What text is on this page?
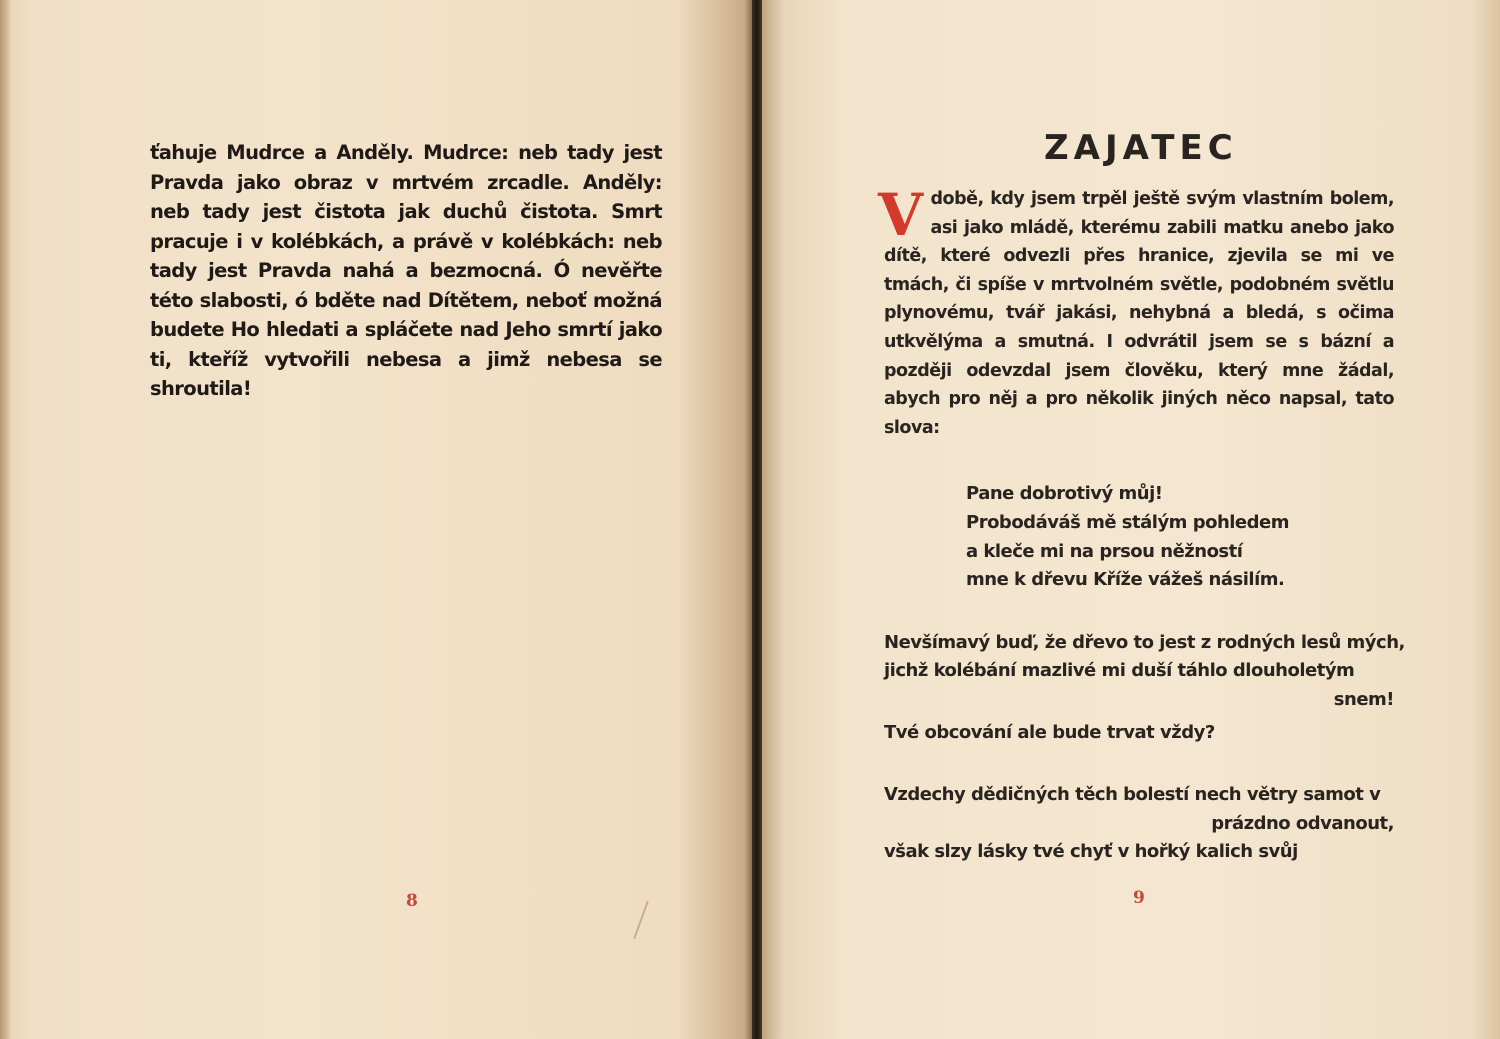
ťahuje Mudrce a Anděly. Mudrce: neb tady jest Pravda jako obraz v mrtvém zrcadle. Anděly: neb tady jest čistota jak duchů čistota. Smrt pracuje i v kolébkách, a právě v kolébkách: neb tady jest Pravda nahá a bezmocná. Ó nevěřte této slabosti, ó bděte nad Dítětem, neboť možná budete Ho hledati a spláčete nad Jeho smrtí jako ti, kteříž vytvořili nebesa a jimž nebesa se shroutila!

8
ZAJATEC

Vdobě, kdy jsem trpěl ještě svým vlastním bolem, asi jako mládě, kterému zabili matku anebo jako dítě, které odvezli přes hranice, zjevila se mi ve tmách, či spíše v mrtvolném světle, podobném světlu plynovému, tvář jakási, nehybná a bledá, s očima utkvělýma a smutná. I odvrátil jsem se s bázní a později odevzdal jsem člověku, který mne žádal, abych pro něj a pro několik jiných něco napsal, tato slova:

Pane dobrotivý můj!
Probodáváš mě stálým pohledem
a kleče mi na prsou něžností
mne k dřevu Kříže vážeš násilím.
Nevšímavý buď, že dřevo to jest z rodných lesů mých,
jichž kolébání mazlivé mi duší táhlo dlouholetým
snem!
Tvé obcování ale bude trvat vždy?
Vzdechy dědičných těch bolestí nech větry samot v
prázdno odvanout,
však slzy lásky tvé chyť v hořký kalich svůj
9
